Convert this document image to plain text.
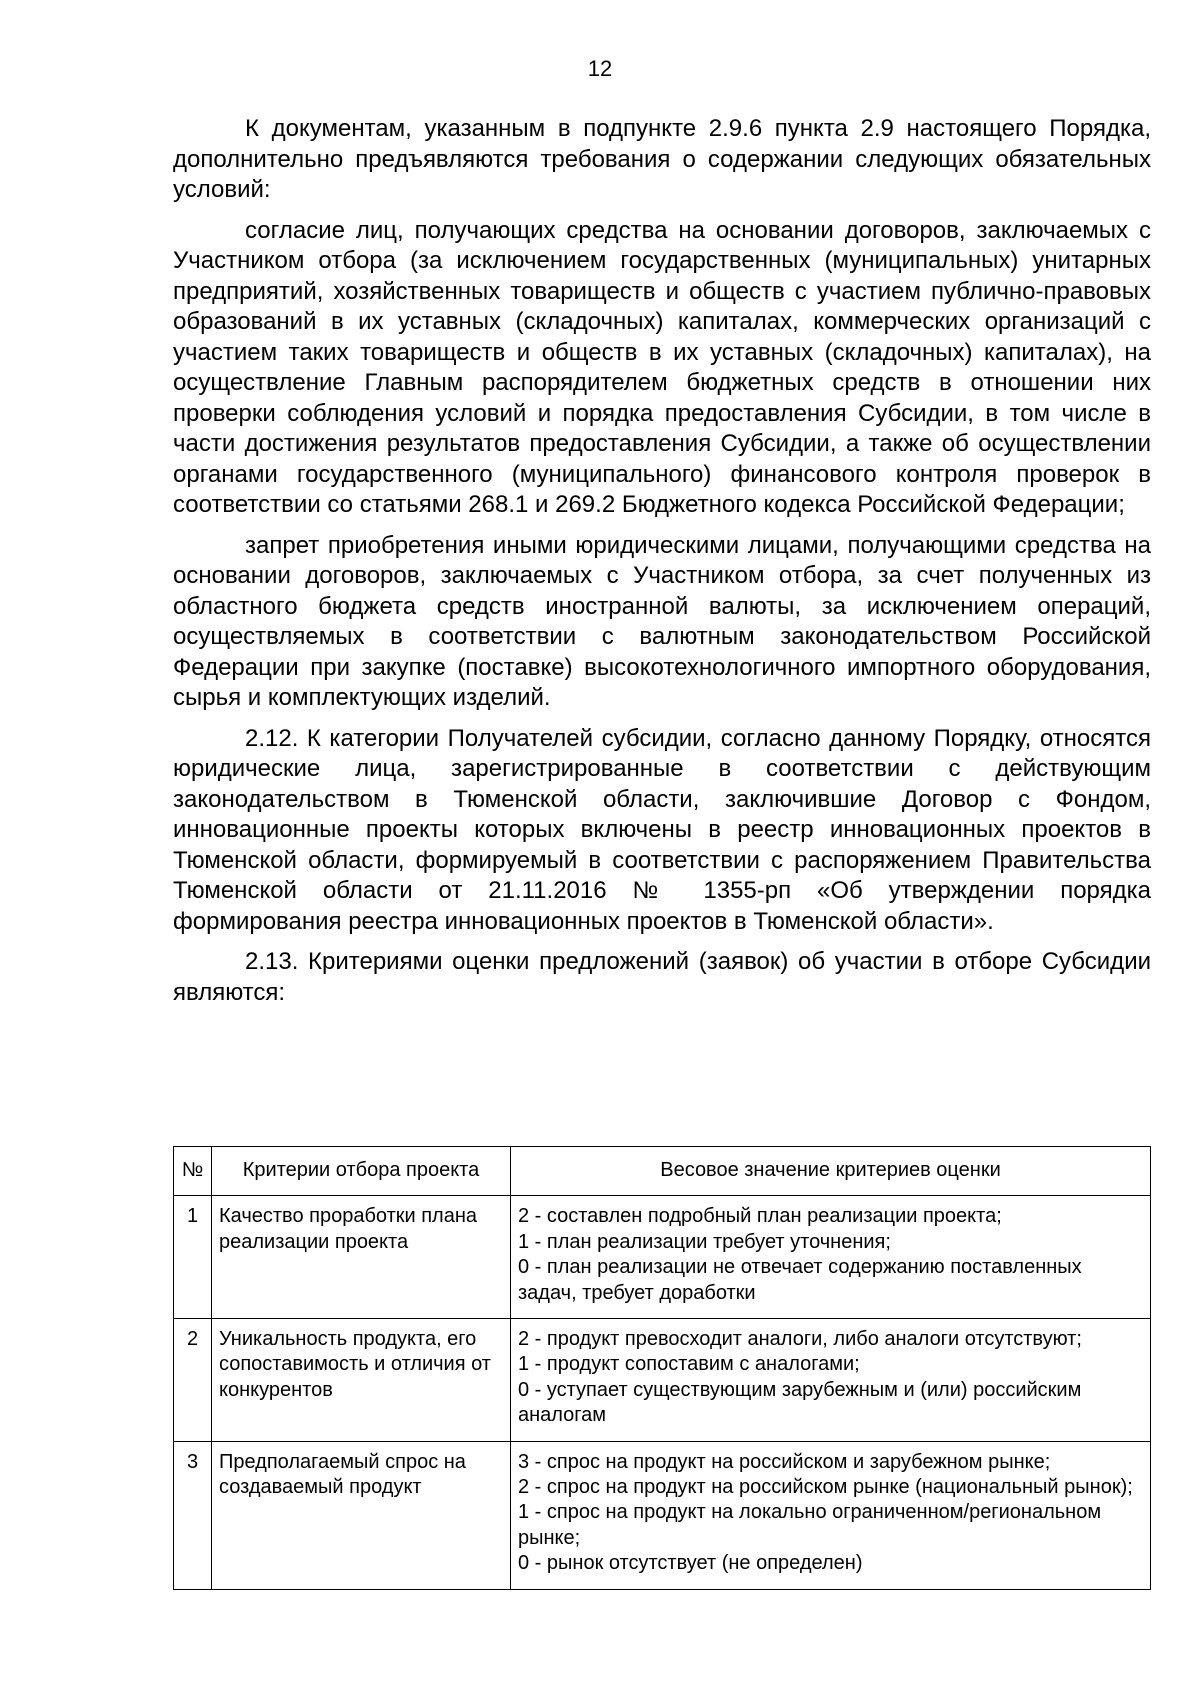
12

К документам, указанным в подпункте 2.9.6 пункта 2.9 настоящего Порядка, дополнительно предъявляются требования о содержании следующих обязательных условий:

согласие лиц, получающих средства на основании договоров, заключаемых с Участником отбора (за исключением государственных (муниципальных) унитарных предприятий, хозяйственных товариществ и обществ с участием публично-правовых образований в их уставных (складочных) капиталах, коммерческих организаций с участием таких товариществ и обществ в их уставных (складочных) капиталах), на осуществление Главным распорядителем бюджетных средств в отношении них проверки соблюдения условий и порядка предоставления Субсидии, в том числе в части достижения результатов предоставления Субсидии, а также об осуществлении органами государственного (муниципального) финансового контроля проверок в соответствии со статьями 268.1 и 269.2 Бюджетного кодекса Российской Федерации;

запрет приобретения иными юридическими лицами, получающими средства на основании договоров, заключаемых с Участником отбора, за счет полученных из областного бюджета средств иностранной валюты, за исключением операций, осуществляемых в соответствии с валютным законодательством Российской Федерации при закупке (поставке) высокотехнологичного импортного оборудования, сырья и комплектующих изделий.

2.12. К категории Получателей субсидии, согласно данному Порядку, относятся юридические лица, зарегистрированные в соответствии с действующим законодательством в Тюменской области, заключившие Договор с Фондом, инновационные проекты которых включены в реестр инновационных проектов в Тюменской области, формируемый в соответствии с распоряжением Правительства Тюменской области от 21.11.2016 № 1355-рп «Об утверждении порядка формирования реестра инновационных проектов в Тюменской области».

2.13. Критериями оценки предложений (заявок) об участии в отборе Субсидии являются:

№	Критерии отбора проекта	Весовое значение критериев оценки
1	Качество проработки плана реализации проекта	2 - составлен подробный план реализации проекта;
1 - план реализации требует уточнения;
0 - план реализации не отвечает содержанию поставленных задач, требует доработки

2	Уникальность продукта, его сопоставимость и отличия от конкурентов	2 - продукт превосходит аналоги, либо аналоги отсутствуют;
1 - продукт сопоставим с аналогами;
0 - уступает существующим зарубежным и (или) российским аналогам

3	Предполагаемый спрос на создаваемый продукт	3 - спрос на продукт на российском и зарубежном рынке;
2 - спрос на продукт на российском рынке (национальный рынок);
1 - спрос на продукт на локально ограниченном/региональном рынке;
0 - рынок отсутствует (не определен)
